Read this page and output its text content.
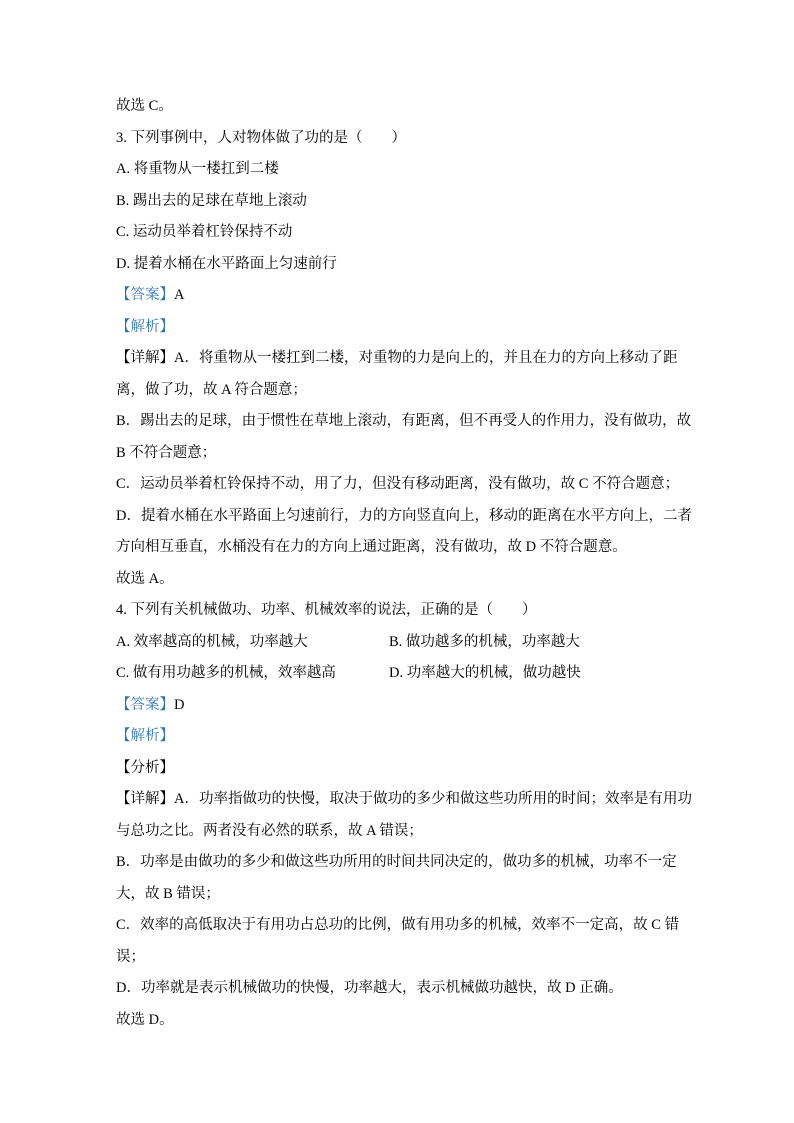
故选 C。

3. 下列事例中，人对物体做了功的是（　　）

A. 将重物从一楼扛到二楼

B. 踢出去的足球在草地上滚动

C. 运动员举着杠铃保持不动

D. 提着水桶在水平路面上匀速前行

【答案】A

【解析】

【详解】A．将重物从一楼扛到二楼，对重物的力是向上的，并且在力的方向上移动了距离，做了功，故 A 符合题意；

B．踢出去的足球，由于惯性在草地上滚动，有距离，但不再受人的作用力，没有做功，故 B 不符合题意；

C．运动员举着杠铃保持不动，用了力，但没有移动距离，没有做功，故 C 不符合题意；

D．提着水桶在水平路面上匀速前行，力的方向竖直向上，移动的距离在水平方向上，二者方向相互垂直，水桶没有在力的方向上通过距离，没有做功，故 D 不符合题意。

故选 A。

4. 下列有关机械做功、功率、机械效率的说法，正确的是（　　）

A. 效率越高的机械，功率越大	B. 做功越多的机械，功率越大

C. 做有用功越多的机械，效率越高	D. 功率越大的机械，做功越快

【答案】D

【解析】

【分析】

【详解】A．功率指做功的快慢，取决于做功的多少和做这些功所用的时间；效率是有用功与总功之比。两者没有必然的联系，故 A 错误；

B．功率是由做功的多少和做这些功所用的时间共同决定的，做功多的机械，功率不一定大，故 B 错误；

C．效率的高低取决于有用功占总功的比例，做有用功多的机械，效率不一定高，故 C 错误；

D．功率就是表示机械做功的快慢，功率越大，表示机械做功越快，故 D 正确。

故选 D。
